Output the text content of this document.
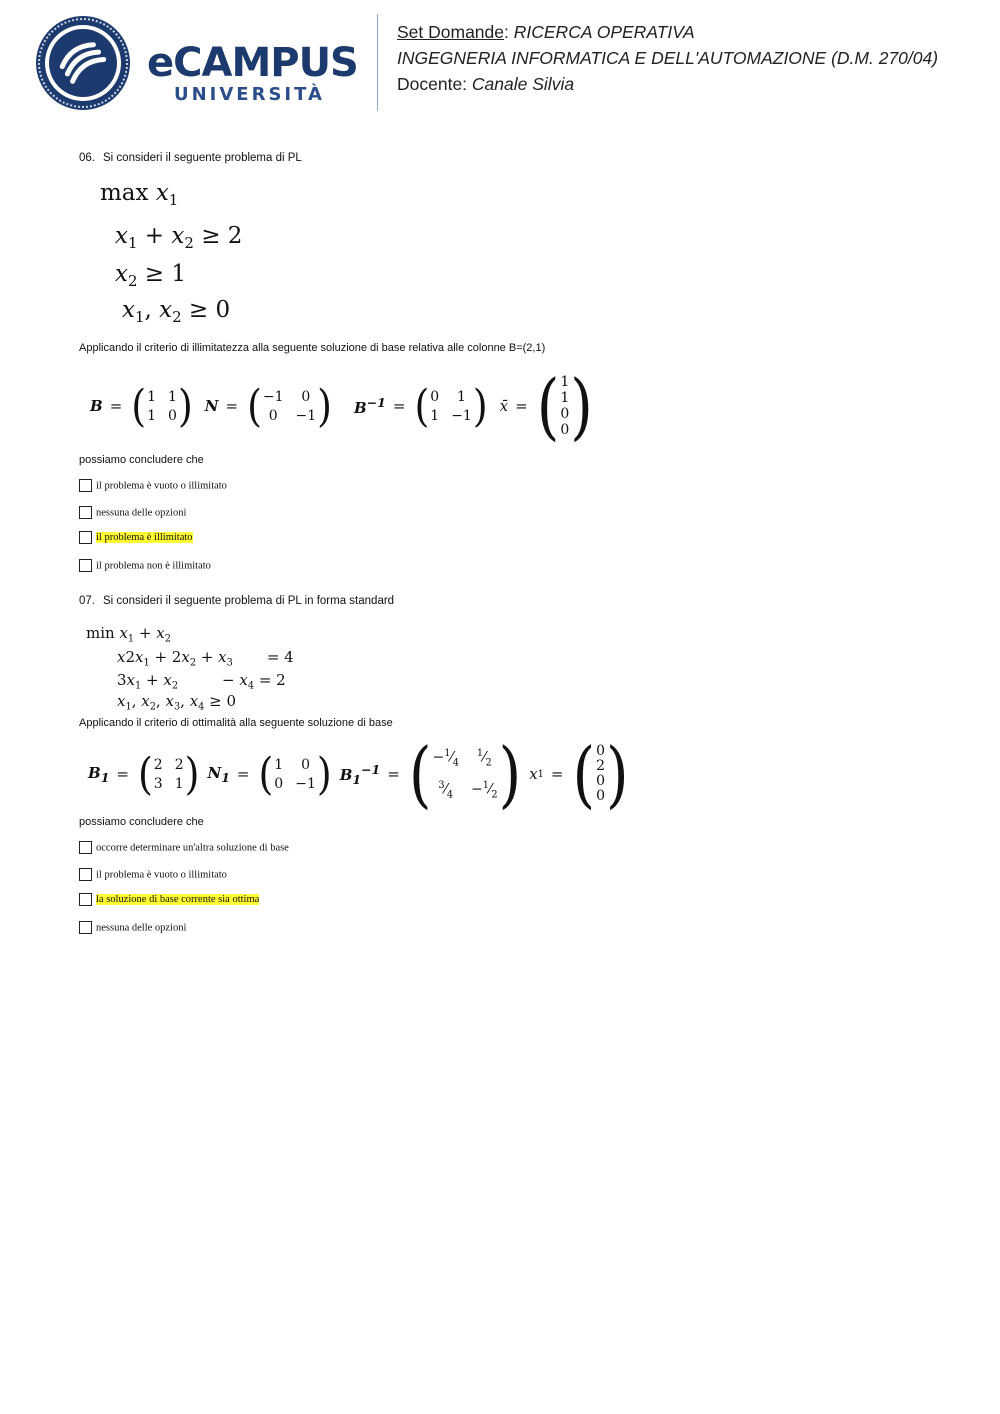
eCAMPUS
UNIVERSITÀ
Set Domande: RICERCA OPERATIVA
INGEGNERIA INFORMATICA E DELL'AUTOMAZIONE (D.M. 270/04)
Docente: Canale Silvia
06. Si consideri il seguente problema di PL
$\max x_1$
$x_1 + x_2 \ge 2$
$x_2 \ge 1$
$x_1$, $x_2 \ge 0$
Applicando il criterio di illimitatezza alla seguente soluzione di base relativa alle colonne B=(2,1)
B = ( 1 1
1 0 ) N = ( −1 0
0 −1 ) $B^{-1}$ = ( 0 1
1 −1 ) x̄ = ( 1
1
0
0 )
possiamo concludere che
il problema è vuoto o illimitato
nessuna delle opzioni
il problema è illimitato
il problema non è illimitato
07. Si consideri il seguente problema di PL in forma standard
$\min x_1 + x_2$
$x2x_1 + 2x_2 + x_3 = 4$
$3x_1 + x_2$	− $x_4 = 2$
$x_1$, $x_2$, $x_3$, $x_4 \ge 0$
Applicando il criterio di ottimalità alla seguente soluzione di base
$B_1$ = ( 2 2
3 1 ) $N_1$ = ( 1 0
0 −1 ) $B_1^{-1}$ = ( $-^1⁄_4$
$^1⁄_2$
$^3⁄_4$ $-^1⁄_2$ ) x 1 = ( 0
2
0
0 )
possiamo concludere che
occorre determinare un'altra soluzione di base
il problema è vuoto o illimitato
la soluzione di base corrente sia ottima
nessuna delle opzioni
